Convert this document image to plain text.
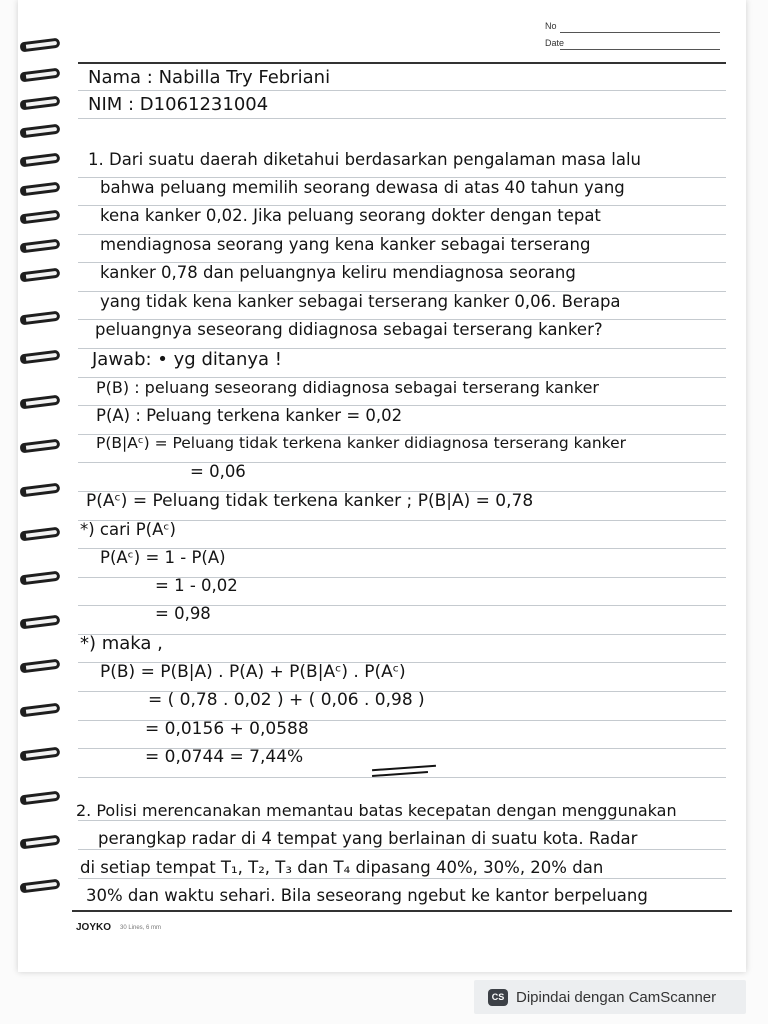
No
Date
Nama : Nabilla Try Febriani
NIM : D1061231004
1. Dari suatu daerah diketahui berdasarkan pengalaman masa lalu
bahwa peluang memilih seorang dewasa di atas 40 tahun yang
kena kanker 0,02. Jika peluang seorang dokter dengan tepat
mendiagnosa seorang yang kena kanker sebagai terserang
kanker 0,78 dan peluangnya keliru mendiagnosa seorang
yang tidak kena kanker sebagai terserang kanker 0,06. Berapa
peluangnya seseorang didiagnosa sebagai terserang kanker?
Jawab: • yg ditanya !
P(B) : peluang seseorang didiagnosa sebagai terserang kanker
P(A) : Peluang terkena kanker = 0,02
P(B|Aᶜ) = Peluang tidak terkena kanker didiagnosa terserang kanker
= 0,06
P(Aᶜ) = Peluang tidak terkena kanker ; P(B|A) = 0,78
*) cari P(Aᶜ)
P(Aᶜ) = 1 - P(A)
= 1 - 0,02
= 0,98
*) maka ,
P(B) = P(B|A) . P(A) + P(B|Aᶜ) . P(Aᶜ)
= ( 0,78 . 0,02 ) + ( 0,06 . 0,98 )
= 0,0156 + 0,0588
= 0,0744 = 7,44%
2. Polisi merencanakan memantau batas kecepatan dengan menggunakan
perangkap radar di 4 tempat yang berlainan di suatu kota. Radar
di setiap tempat T₁, T₂, T₃ dan T₄ dipasang 40%, 30%, 20% dan
30% dan waktu sehari. Bila seseorang ngebut ke kantor berpeluang
JOYKO 30 Lines, 6 mm
CS Dipindai dengan CamScanner
